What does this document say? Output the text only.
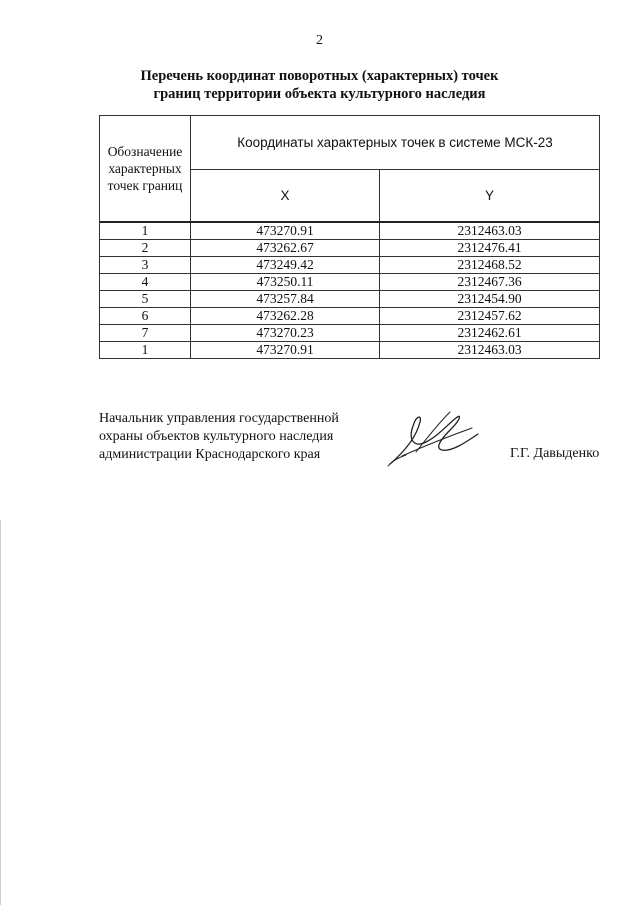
2
Перечень координат поворотных (характерных) точек
границ территории объекта культурного наследия
Обозначение
характерных
точек границ	Координаты характерных точек в системе МСК-23	
	X	Y
1	473270.91	2312463.03
2	473262.67	2312476.41
3	473249.42	2312468.52
4	473250.11	2312467.36
5	473257.84	2312454.90
6	473262.28	2312457.62
7	473270.23	2312462.61
1	473270.91	2312463.03
Начальник управления государственной
охраны объектов культурного наследия
администрации Краснодарского края	Г.Г. Давыденко
